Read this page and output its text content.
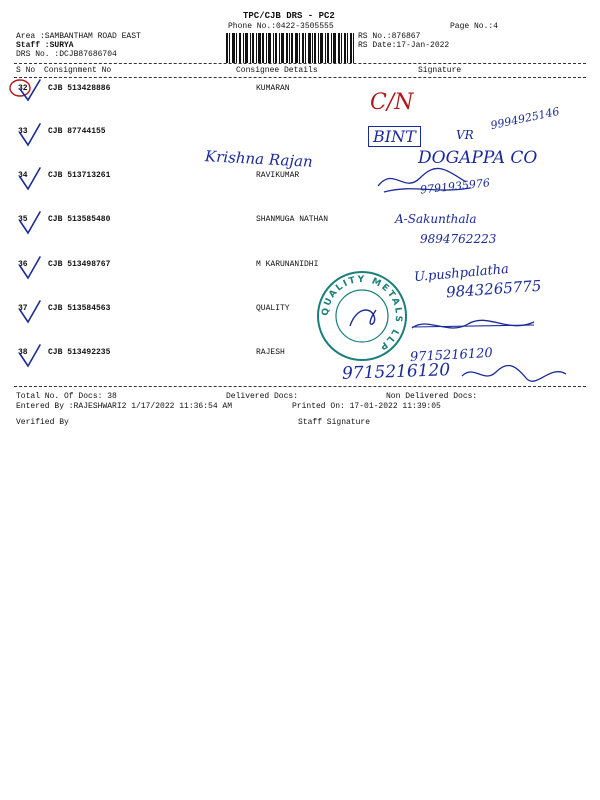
TPC/CJB DRS - PC2
Phone No.:0422-3505555	Page No.:4
Area :SAMBANTHAM ROAD EAST	RS No.:876867
Staff :SURYA	RS Date:17-Jan-2022
DRS No. :DCJB87686704
S No Consignment No	Consignee Details	Signature
32	CJB 513428886	KUMARAN
33	CJB 87744155
34	CJB 513713261	RAVIKUMAR
35	CJB 513585480	SHANMUGA NATHAN
36	CJB 513498767	M KARUNANIDHI
37	CJB 513584563	QUALITY
38	CJB 513492235	RAJESH
C/N
9994925146
BINT	VR
Krishna Rajan	DOGAPPA CO
9791935976
A-Sakunthala
9894762223
U.pushpalatha
9843265775
QUALITY METALS LLP
9715216120
9715216120
Total No. Of Docs: 38	Delivered Docs:	Non Delivered Docs:
Entered By :RAJESHWARI2 1/17/2022 11:36:54 AM	Printed On: 17-01-2022 11:39:05
Verified By	Staff Signature
